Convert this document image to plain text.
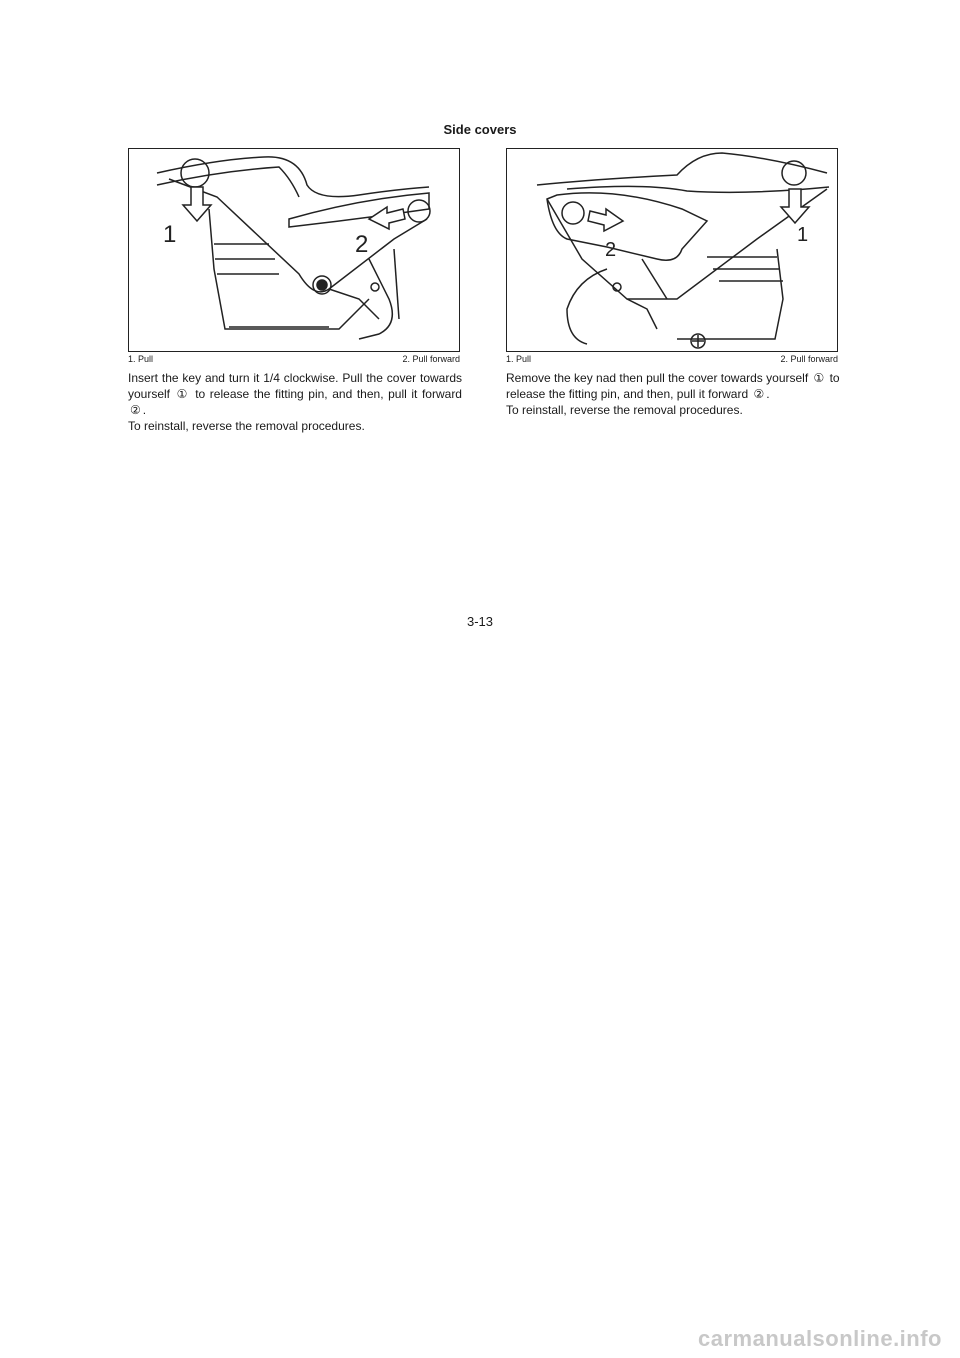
Side covers
1	2
1. Pull	2. Pull forward
1
2
1. Pull	2. Pull forward

Insert the key and turn it 1/4 clockwise. Pull the cover towards yourself ① to release the fitting pin, and then, pull it forward ② .

To reinstall, reverse the removal procedures.

Remove the key nad then pull the cover towards yourself ① to release the fitting pin, and then, pull it forward ② .

To reinstall, reverse the removal procedures.

3-13
carmanualsonline.info
